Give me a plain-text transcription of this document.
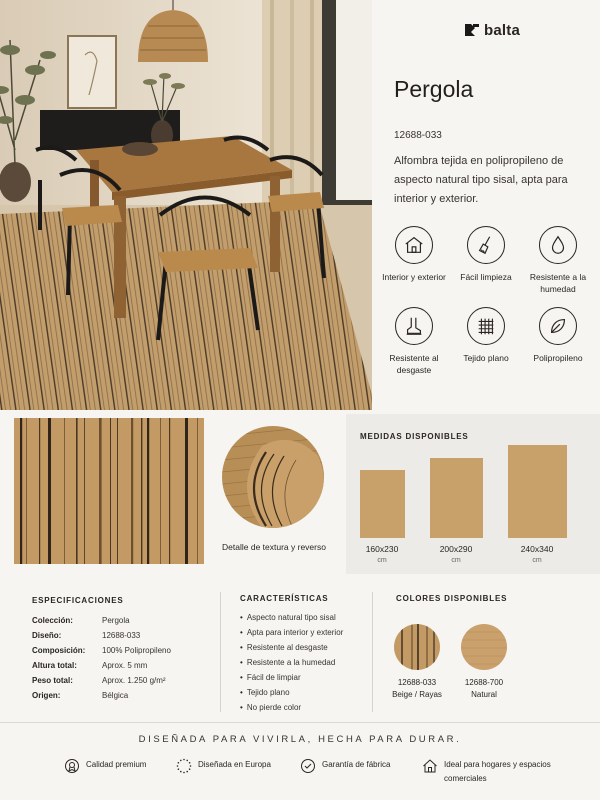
balta
Pergola
12688-033

Alfombra tejida en polipropileno de aspecto natural tipo sisal, apta para interior y exterior.

Interior y exterior Fácil limpieza	Resistente a la humedad
Resistente al desgaste
Tejido plano	Polipropileno
Detalle de textura y reverso
MEDIDAS DISPONIBLES
160x230
cm
200x290
cm
240x340
cm
ESPECIFICACIONES
Colección:	Pergola
Diseño:	12688-033
Composición:	100% Polipropileno
Altura total:	Aprox. 5 mm
Peso total:	Aprox. 1.250 g/m²
Origen:	Bélgica
CARACTERÍSTICAS
• Aspecto natural tipo sisal
• Apta para interior y exterior
• Resistente al desgaste
• Resistente a la humedad
• Fácil de limpiar
• Tejido plano
• No pierde color
COLORES DISPONIBLES
12688-033
Beige / Rayas
12688-700
Natural
DISEÑADA PARA VIVIRLA, HECHA PARA DURAR.
Calidad premium	Diseñada en Europa	Garantía de fábrica	Ideal para hogares y espacios comerciales
